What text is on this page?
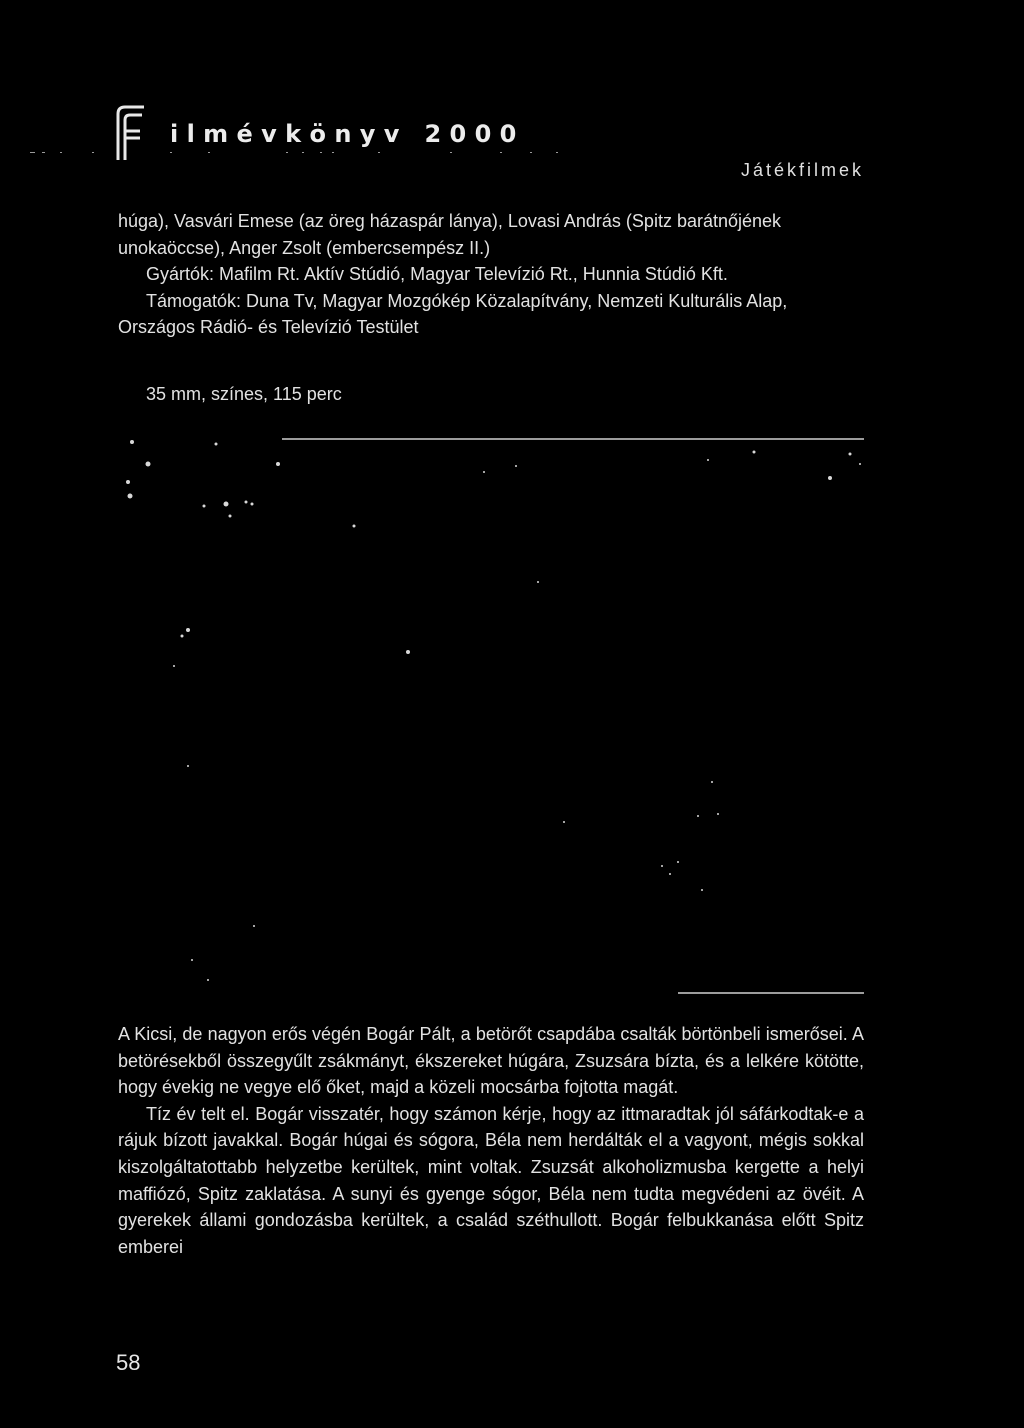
i l m é v k ö n y v   2 0 0 0
Játékfilmek

húga), Vasvári Emese (az öreg házaspár lánya), Lovasi András (Spitz barátnőjének unokaöccse), Anger Zsolt (embercsempész II.)

Gyártók: Mafilm Rt. Aktív Stúdió, Magyar Televízió Rt., Hunnia Stúdió Kft.
Támogatók: Duna Tv, Magyar Mozgókép Közalapítvány, Nemzeti Kulturális Alap, Országos Rádió- és Televízió Testület
35 mm, színes, 115 perc
A Kicsi, de nagyon erős végén Bogár Pált, a betörőt csapdába csalták börtönbeli ismerősei. A betörésekből összegyűlt zsákmányt, ékszereket húgára, Zsuzsára bízta, és a lelkére kötötte, hogy évekig ne vegye elő őket, majd a közeli mocsárba fojtotta magát.
Tíz év telt el. Bogár visszatér, hogy számon kérje, hogy az ittmaradtak jól sáfárkodtak-e a rájuk bízott javakkal. Bogár húgai és sógora, Béla nem herdálták el a vagyont, mégis sokkal kiszolgáltatottabb helyzetbe kerültek, mint voltak. Zsuzsát alkoholizmusba kergette a helyi maffiózó, Spitz zaklatása. A sunyi és gyenge sógor, Béla nem tudta megvédeni az övéit. A gyerekek állami gondozásba kerültek, a család széthullott. Bogár felbukkanása előtt Spitz emberei
58
